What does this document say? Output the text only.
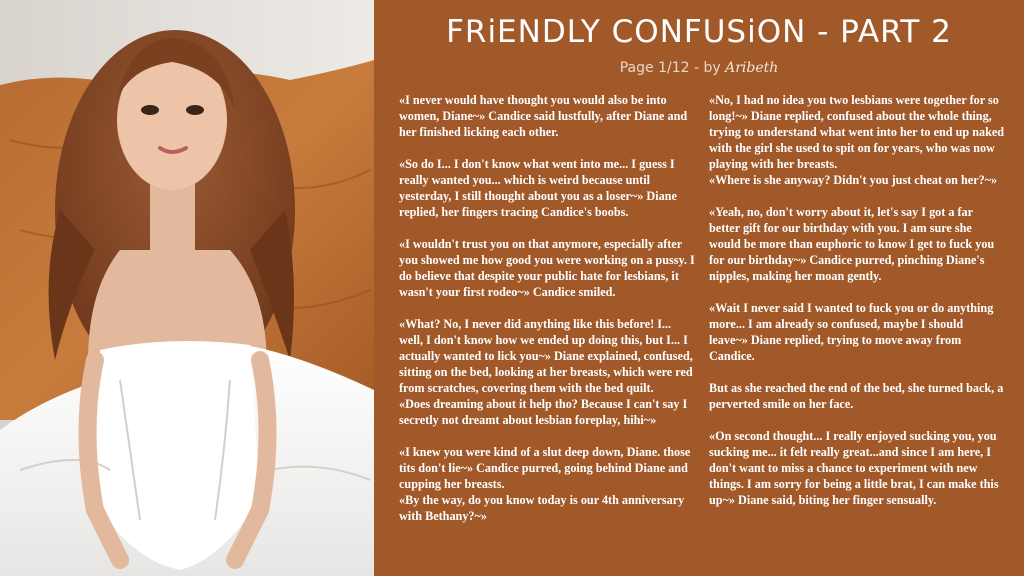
FRiENDLY CONFUSiON - PART 2
Page 1/12 - by Aribeth

«I never would have thought you would also be into women, Diane~» Candice said lustfully, after Diane and her finished licking each other.

«So do I... I don't know what went into me... I guess I really wanted you... which is weird because until yesterday, I still thought about you as a loser~» Diane replied, her fingers tracing Candice's boobs.

«I wouldn't trust you on that anymore, especially after you showed me how good you were working on a pussy. I do believe that despite your public hate for lesbians, it wasn't your first rodeo~» Candice smiled.

«What? No, I never did anything like this before! I... well, I don't know how we ended up doing this, but I... I actually wanted to lick you~» Diane explained, confused, sitting on the bed, looking at her breasts, which were red from scratches, covering them with the bed quilt.

«Does dreaming about it help tho? Because I can't say I secretly not dreamt about lesbian foreplay, hihi~»

«I knew you were kind of a slut deep down, Diane. those tits don't lie~» Candice purred, going behind Diane and cupping her breasts.

«By the way, do you know today is our 4th anniversary with Bethany?~»

«No, I had no idea you two lesbians were together for so long!~» Diane replied, confused about the whole thing, trying to understand what went into her to end up naked with the girl she used to spit on for years, who was now playing with her breasts.

«Where is she anyway? Didn't you just cheat on her?~»

«Yeah, no, don't worry about it, let's say I got a far better gift for our birthday with you. I am sure she would be more than euphoric to know I get to fuck you for our birthday~» Candice purred, pinching Diane's nipples, making her moan gently.

«Wait I never said I wanted to fuck you or do anything more... I am already so confused, maybe I should leave~» Diane replied, trying to move away from Candice.

But as she reached the end of the bed, she turned back, a perverted smile on her face.

«On second thought... I really enjoyed sucking you, you sucking me... it felt really great...and since I am here, I don't want to miss a chance to experiment with new things. I am sorry for being a little brat, I can make this up~» Diane said, biting her finger sensually.
